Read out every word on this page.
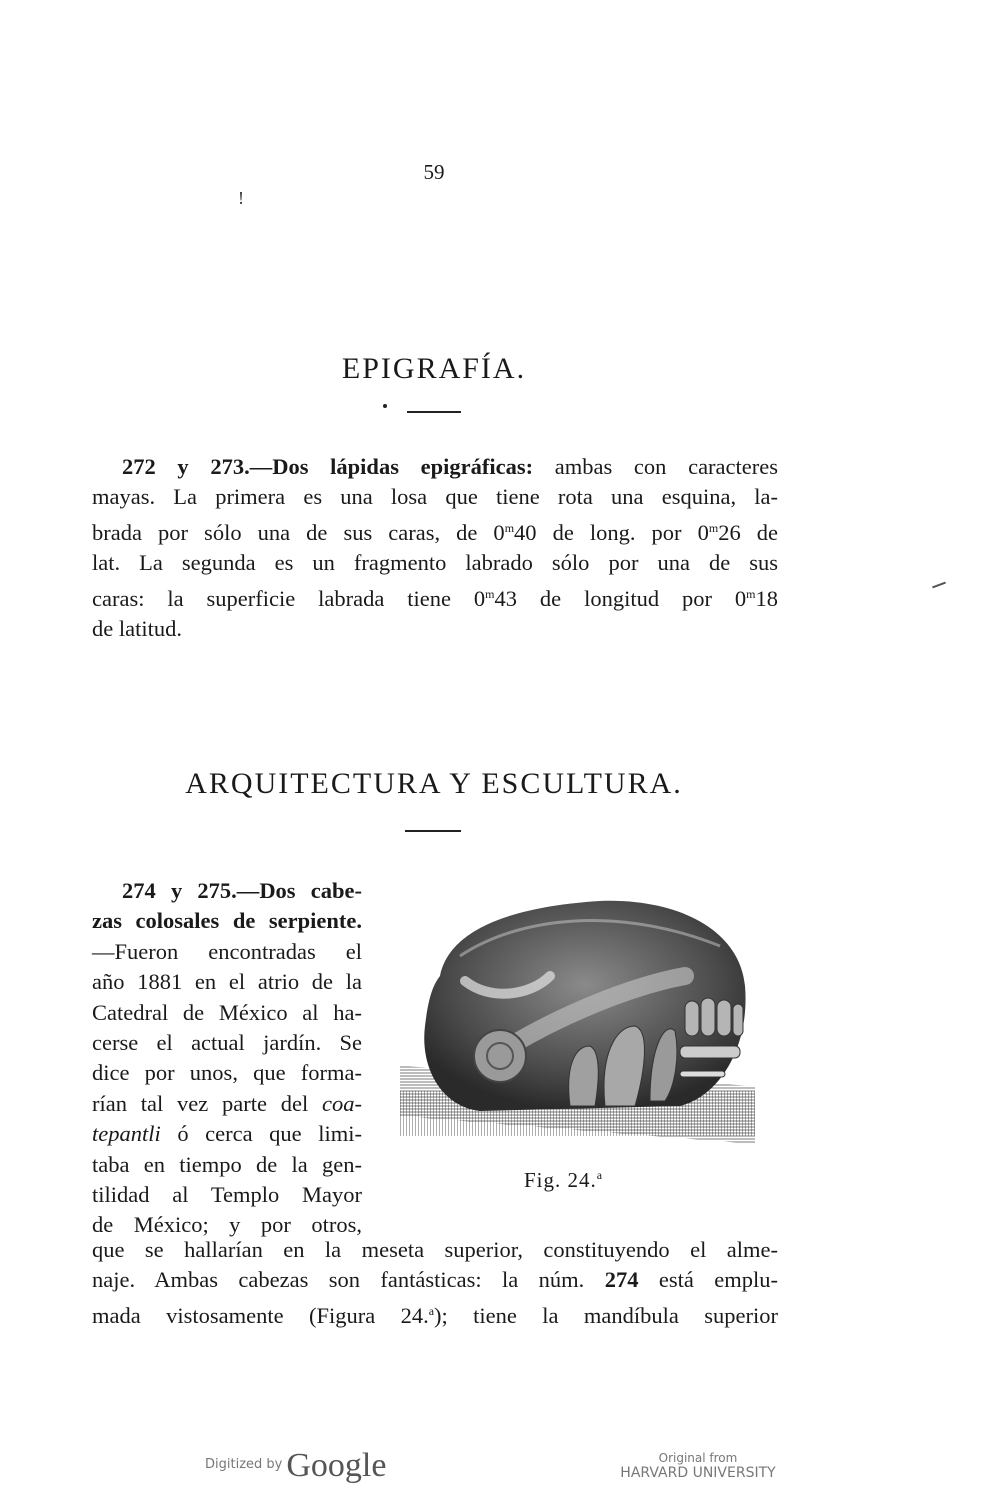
59
!
EPIGRAFÍA.
272 y 273.—Dos lápidas epigráficas: ambas con caracteres
mayas. La primera es una losa que tiene rota una esquina, la-
brada por sólo una de sus caras, de 0$^m$40 de long. por 0$^m$26 de
lat. La segunda es un fragmento labrado sólo por una de sus
caras: la superficie labrada tiene 0$^m$43 de longitud por 0$^m$18
de latitud.
ARQUITECTURA Y ESCULTURA.
274 y 275.—Dos cabe-
zas colosales de serpiente.
—Fueron encontradas el
año 1881 en el atrio de la
Catedral de México al ha-
cerse el actual jardín. Se
dice por unos, que forma-
rían tal vez parte del coa-
tepantli ó cerca que limi-
taba en tiempo de la gen-
tilidad al Templo Mayor
de México; y por otros,
Fig. 24.$^a$
que se hallarían en la meseta superior, constituyendo el alme-
naje. Ambas cabezas son fantásticas: la núm. 274 está emplu-
mada vistosamente (Figura 24.$^a$); tiene la mandíbula superior
Digitized by Google	Original from
HARVARD UNIVERSITY
